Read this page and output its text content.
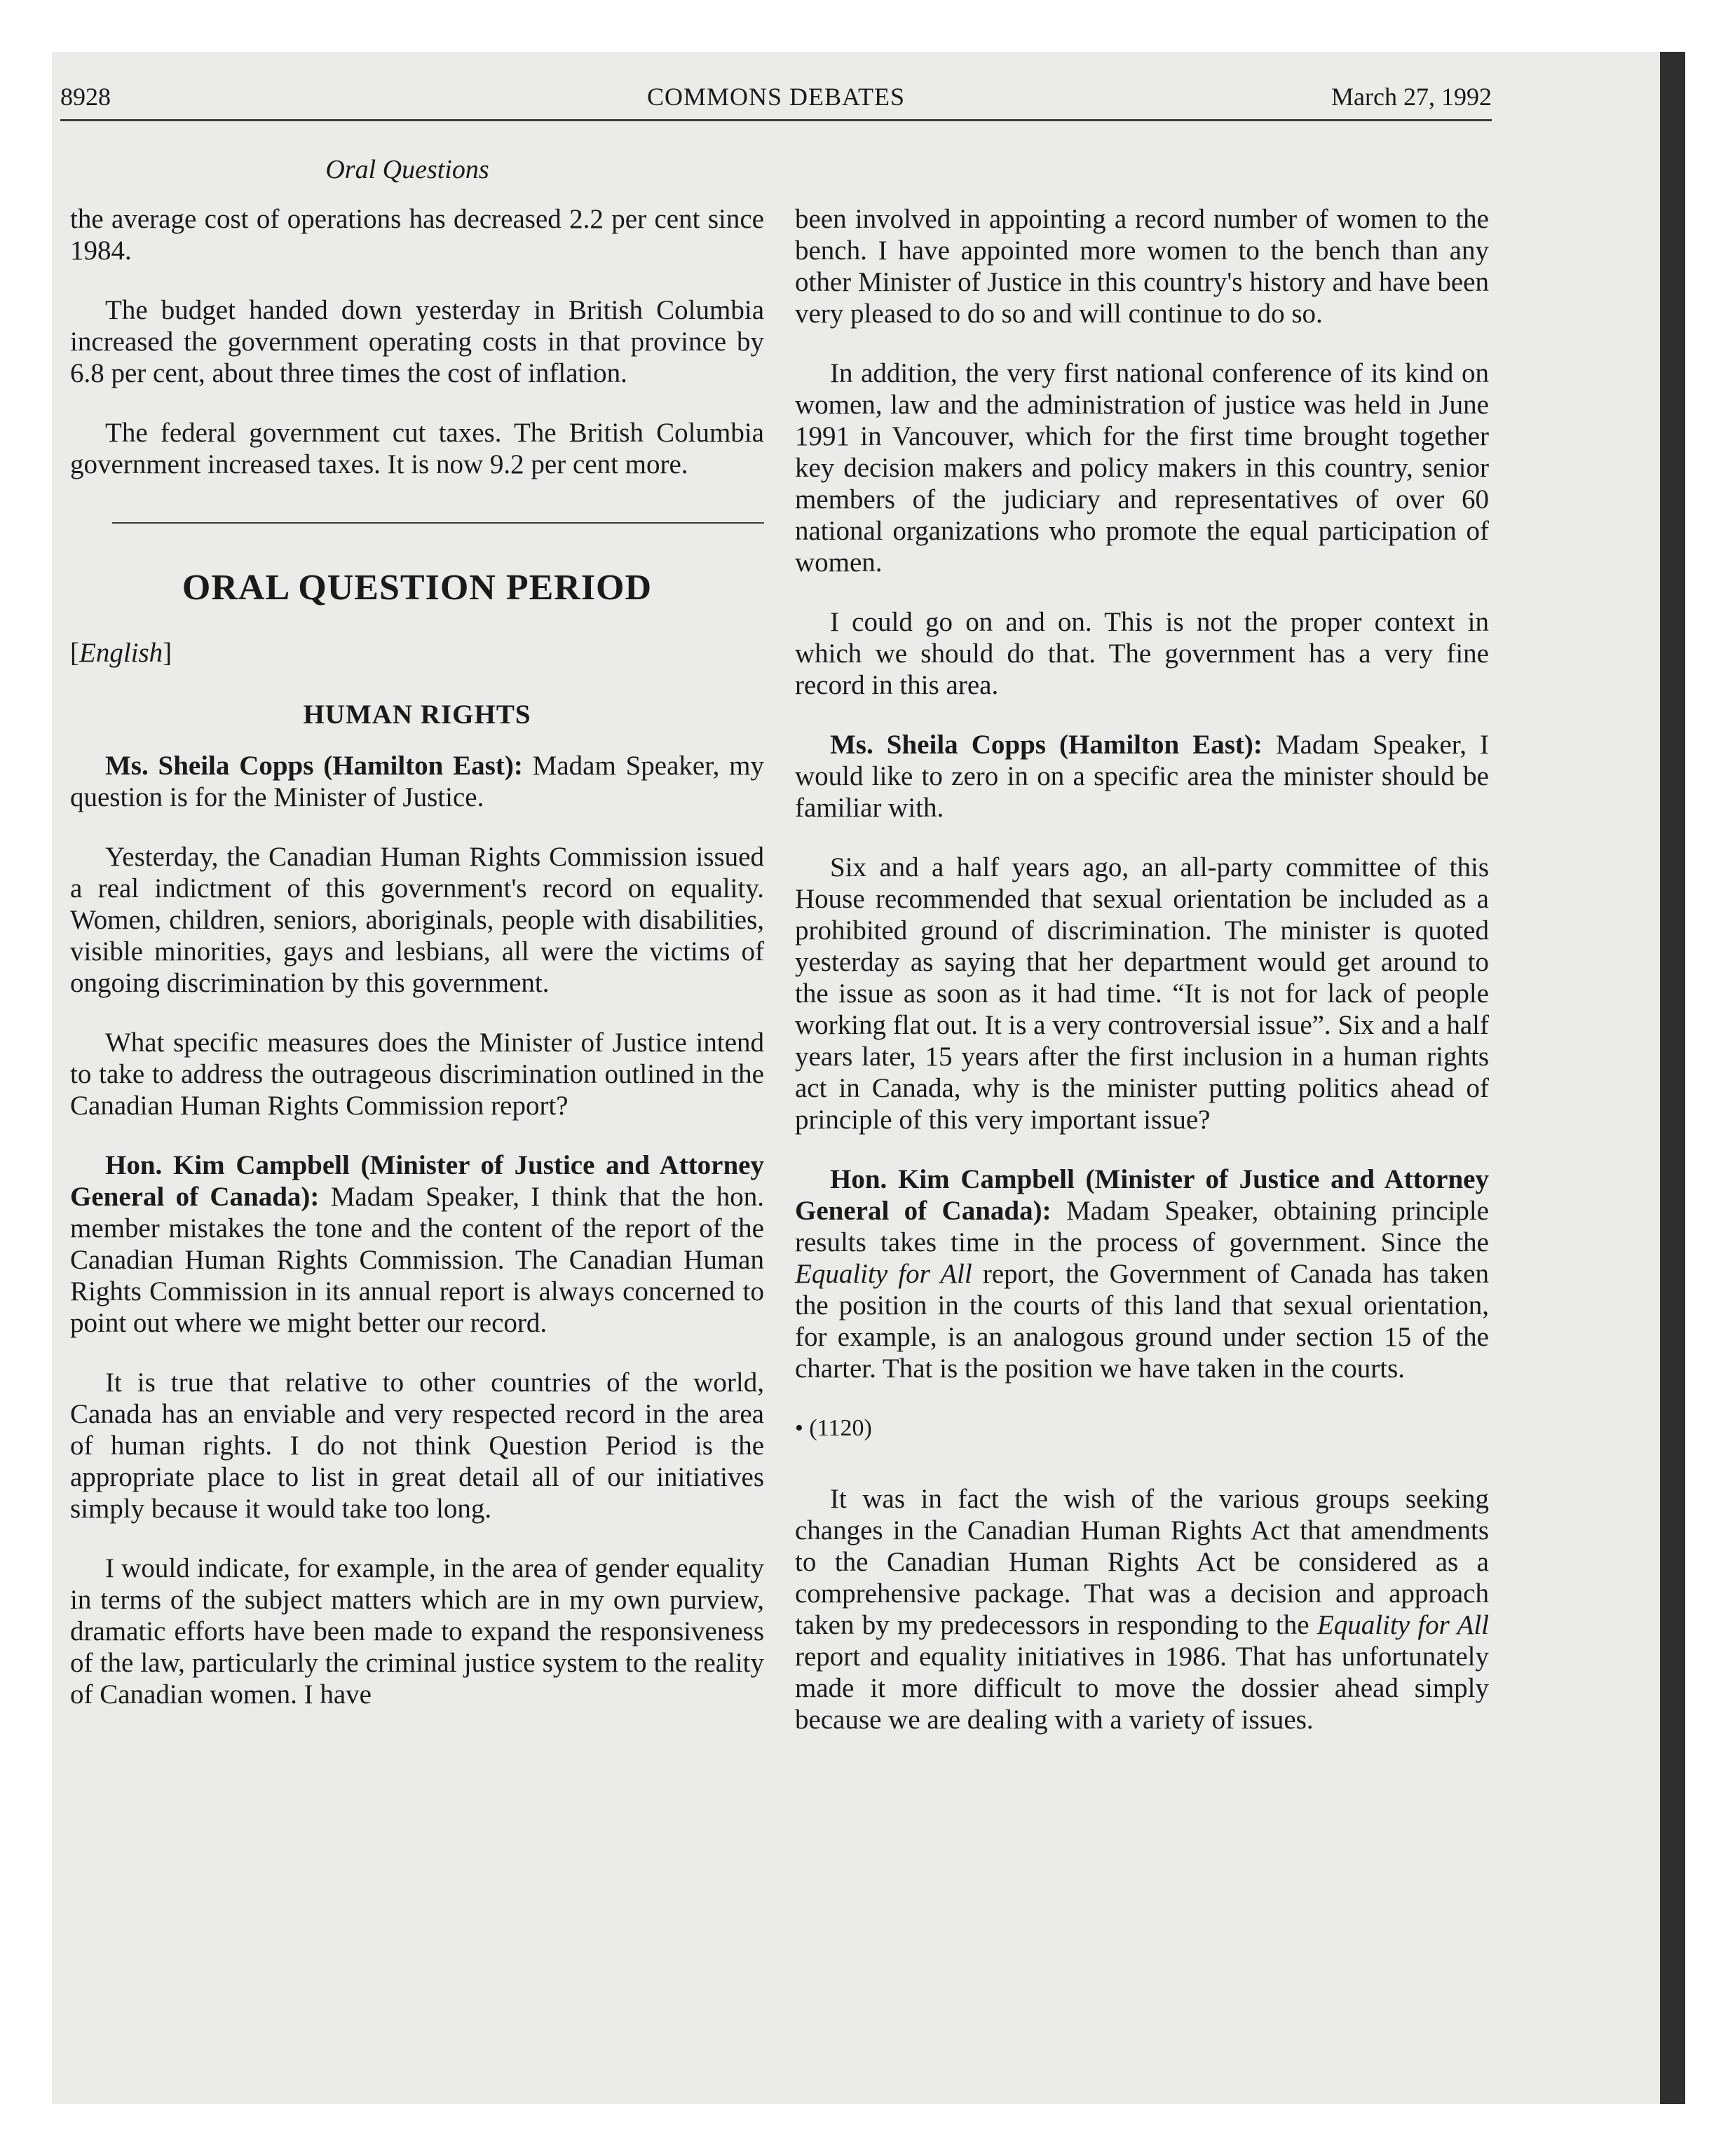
8928	COMMONS DEBATES	March 27, 1992
Oral Questions

the average cost of operations has decreased 2.2 per cent since 1984.

The budget handed down yesterday in British Columbia increased the government operating costs in that province by 6.8 per cent, about three times the cost of inflation.

The federal government cut taxes. The British Columbia government increased taxes. It is now 9.2 per cent more.

ORAL QUESTION PERIOD
[English]
HUMAN RIGHTS

Ms. Sheila Copps (Hamilton East): Madam Speaker, my question is for the Minister of Justice.

Yesterday, the Canadian Human Rights Commission issued a real indictment of this government's record on equality. Women, children, seniors, aboriginals, people with disabilities, visible minorities, gays and lesbians, all were the victims of ongoing discrimination by this government.

What specific measures does the Minister of Justice intend to take to address the outrageous discrimination outlined in the Canadian Human Rights Commission report?

Hon. Kim Campbell (Minister of Justice and Attorney General of Canada): Madam Speaker, I think that the hon. member mistakes the tone and the content of the report of the Canadian Human Rights Commission. The Canadian Human Rights Commission in its annual report is always concerned to point out where we might better our record.

It is true that relative to other countries of the world, Canada has an enviable and very respected record in the area of human rights. I do not think Question Period is the appropriate place to list in great detail all of our initiatives simply because it would take too long.

I would indicate, for example, in the area of gender equality in terms of the subject matters which are in my own purview, dramatic efforts have been made to expand the responsiveness of the law, particularly the criminal justice system to the reality of Canadian women. I have

been involved in appointing a record number of women to the bench. I have appointed more women to the bench than any other Minister of Justice in this country's history and have been very pleased to do so and will continue to do so.

In addition, the very first national conference of its kind on women, law and the administration of justice was held in June 1991 in Vancouver, which for the first time brought together key decision makers and policy makers in this country, senior members of the judiciary and representatives of over 60 national organizations who promote the equal participation of women.

I could go on and on. This is not the proper context in which we should do that. The government has a very fine record in this area.

Ms. Sheila Copps (Hamilton East): Madam Speaker, I would like to zero in on a specific area the minister should be familiar with.

Six and a half years ago, an all-party committee of this House recommended that sexual orientation be included as a prohibited ground of discrimination. The minister is quoted yesterday as saying that her department would get around to the issue as soon as it had time. “It is not for lack of people working flat out. It is a very controversial issue”. Six and a half years later, 15 years after the first inclusion in a human rights act in Canada, why is the minister putting politics ahead of principle of this very important issue?

Hon. Kim Campbell (Minister of Justice and Attorney General of Canada): Madam Speaker, obtaining principle results takes time in the process of government. Since the Equality for All report, the Government of Canada has taken the position in the courts of this land that sexual orientation, for example, is an analogous ground under section 15 of the charter. That is the position we have taken in the courts.

• (1120)

It was in fact the wish of the various groups seeking changes in the Canadian Human Rights Act that amendments to the Canadian Human Rights Act be considered as a comprehensive package. That was a decision and approach taken by my predecessors in responding to the Equality for All report and equality initiatives in 1986. That has unfortunately made it more difficult to move the dossier ahead simply because we are dealing with a variety of issues.
